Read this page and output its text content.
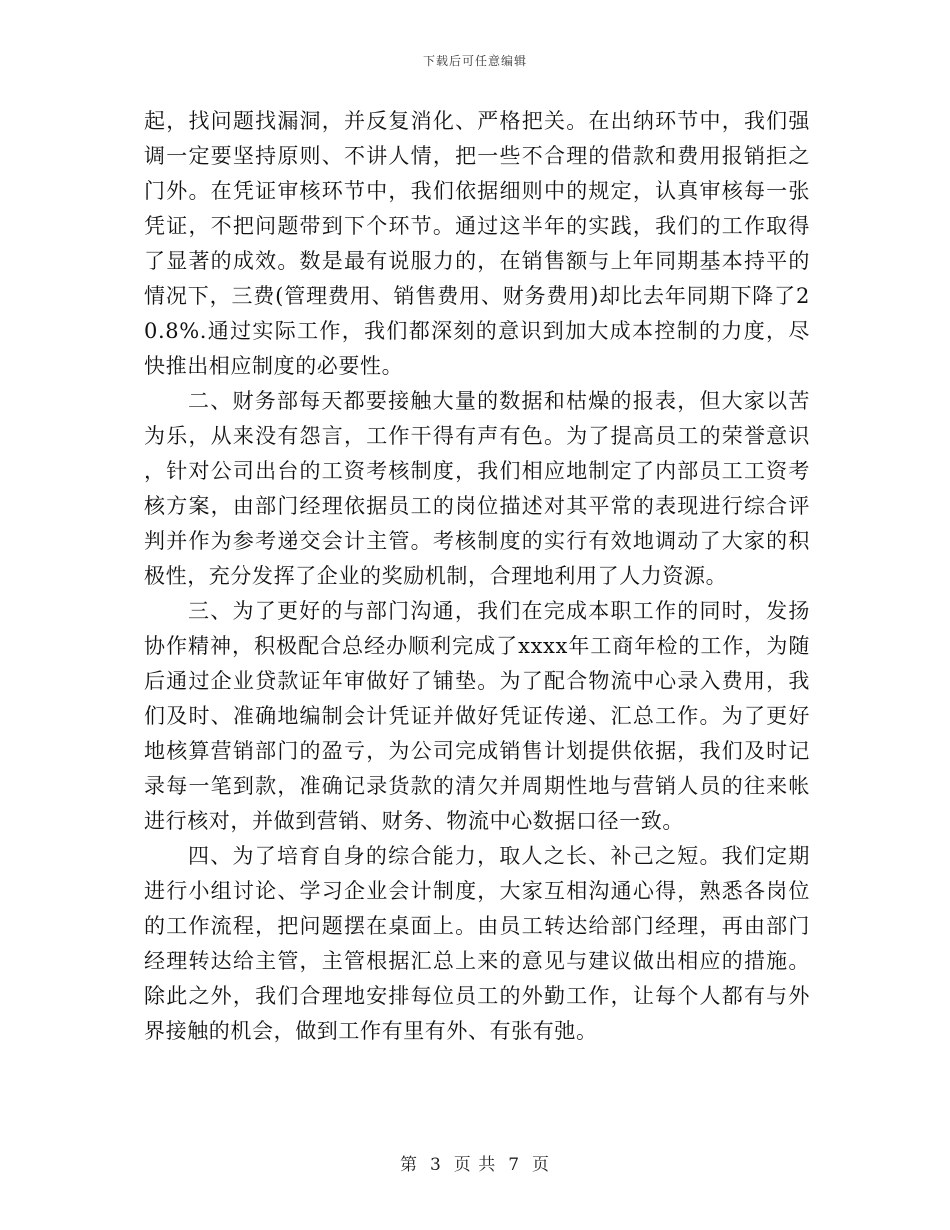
下载后可任意编辑

起，找问题找漏洞，并反复消化、严格把关。在出纳环节中，我们强调一定要坚持原则、不讲人情，把一些不合理的借款和费用报销拒之门外。在凭证审核环节中，我们依据细则中的规定，认真审核每一张凭证，不把问题带到下个环节。通过这半年的实践，我们的工作取得了显著的成效。数是最有说服力的，在销售额与上年同期基本持平的情况下，三费(管理费用、销售费用、财务费用)却比去年同期下降了20.8%.通过实际工作，我们都深刻的意识到加大成本控制的力度，尽快推出相应制度的必要性。

二、财务部每天都要接触大量的数据和枯燥的报表，但大家以苦为乐，从来没有怨言，工作干得有声有色。为了提高员工的荣誉意识 ，针对公司出台的工资考核制度，我们相应地制定了内部员工工资考核方案，由部门经理依据员工的岗位描述对其平常的表现进行综合评判并作为参考递交会计主管。考核制度的实行有效地调动了大家的积极性，充分发挥了企业的奖励机制，合理地利用了人力资源。

三、为了更好的与部门沟通，我们在完成本职工作的同时，发扬协作精神，积极配合总经办顺利完成了xxxx年工商年检的工作，为随后通过企业贷款证年审做好了铺垫。为了配合物流中心录入费用，我们及时、准确地编制会计凭证并做好凭证传递、汇总工作。为了更好地核算营销部门的盈亏，为公司完成销售计划提供依据，我们及时记录每一笔到款，准确记录货款的清欠并周期性地与营销人员的往来帐进行核对，并做到营销、财务、物流中心数据口径一致。

四、为了培育自身的综合能力，取人之长、补己之短。我们定期进行小组讨论、学习企业会计制度，大家互相沟通心得，熟悉各岗位的工作流程，把问题摆在桌面上。由员工转达给部门经理，再由部门经理转达给主管，主管根据汇总上来的意见与建议做出相应的措施。除此之外，我们合理地安排每位员工的外勤工作，让每个人都有与外界接触的机会，做到工作有里有外、有张有弛。

第 3 页 共 7 页
